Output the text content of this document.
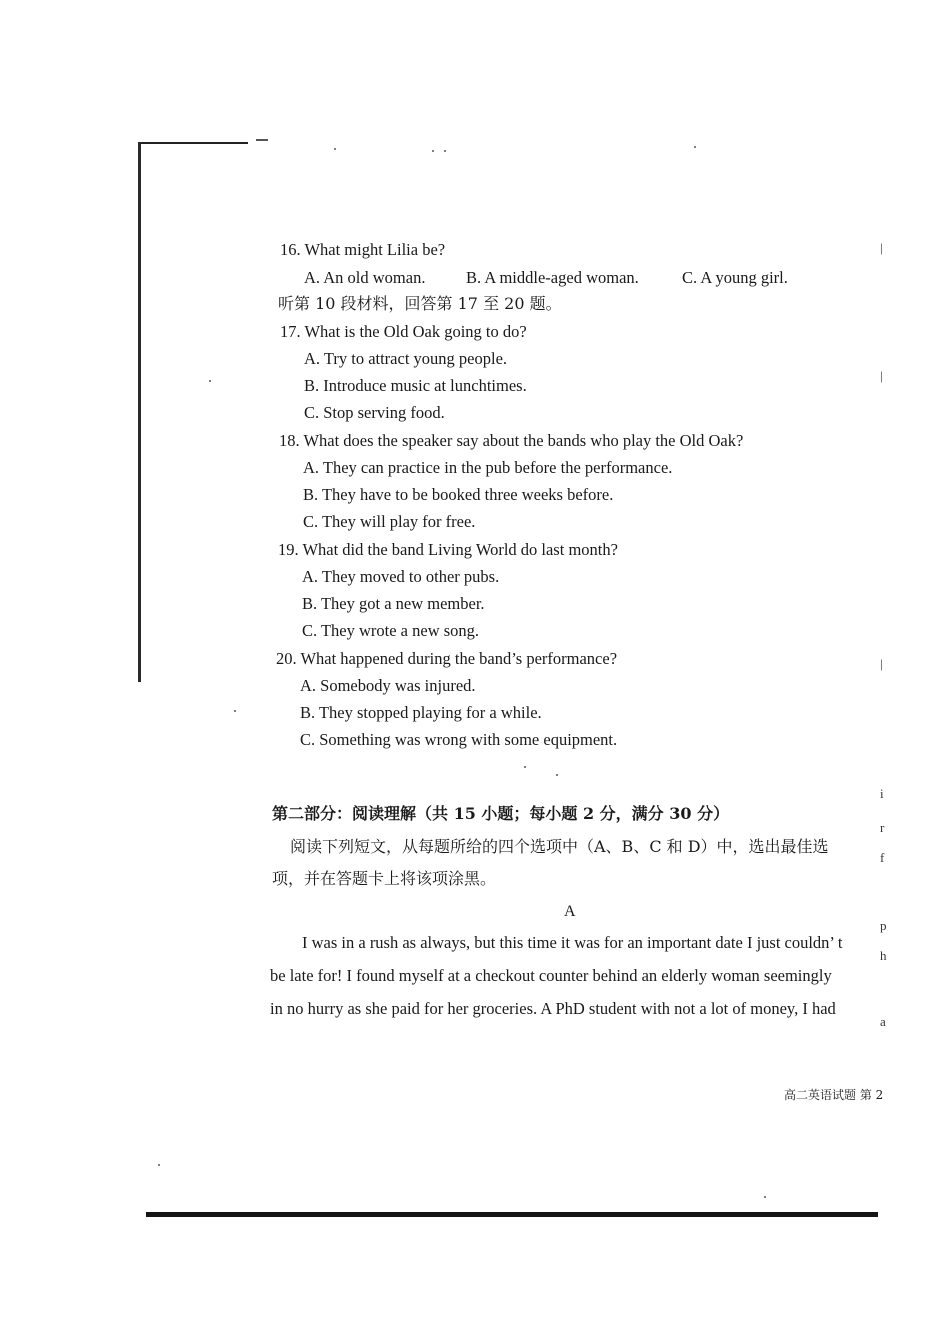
|
|
|
i
r
f
p
h
a
16. What might Lilia be?
A. An old woman. B. A middle-aged woman.	C. A young girl.
听第 10 段材料，回答第 17 至 20 题。
17. What is the Old Oak going to do?
A. Try to attract young people.
B. Introduce music at lunchtimes.
C. Stop serving food.
18. What does the speaker say about the bands who play the Old Oak?
A. They can practice in the pub before the performance.
B. They have to be booked three weeks before.
C. They will play for free.
19. What did the band Living World do last month?
A. They moved to other pubs.
B. They got a new member.
C. They wrote a new song.
20. What happened during the band’s performance?
A. Somebody was injured.
B. They stopped playing for a while.
C. Something was wrong with some equipment.
第二部分：阅读理解（共 15 小题；每小题 2 分，满分 30 分）
阅读下列短文，从每题所给的四个选项中（A、B、C 和 D）中，选出最佳选
项，并在答题卡上将该项涂黑。
A
I was in a rush as always, but this time it was for an important date I just couldn’ t
be late for! I found myself at a checkout counter behind an elderly woman seemingly
in no hurry as she paid for her groceries. A PhD student with not a lot of money, I had
高二英语试题 第 2
